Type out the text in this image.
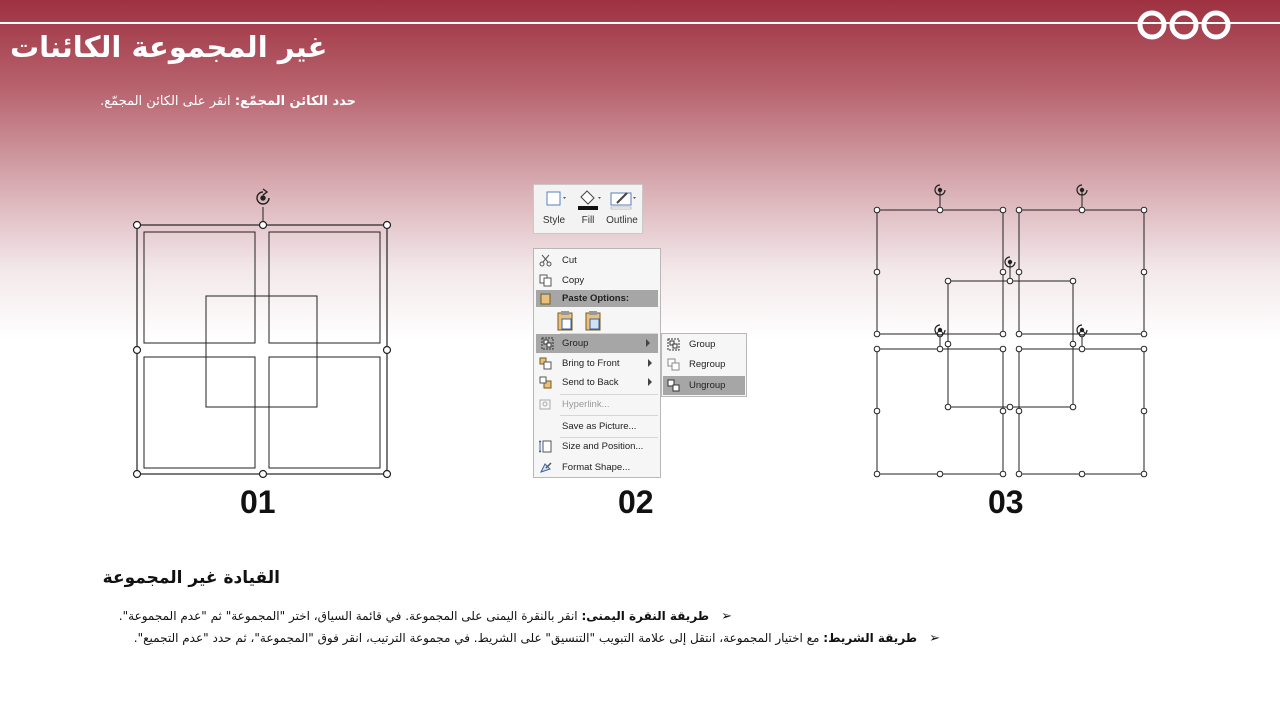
غير المجموعة الكائنات
حدد الكائن المجمّع: انقر على الكائن المجمّع.
01
Style	Fill	Outline
Cut
Copy
Paste Options:
Group
Bring to Front
Send to Back
Hyperlink...
Save as Picture...
Size and Position...
Format Shape...
Group
Regroup
Ungroup
02	03
القيادة غير المجموعة
➢طريقة النقرة اليمنى: انقر بالنقرة اليمنى على المجموعة. في قائمة السياق، اختر "المجموعة" ثم "عدم المجموعة".
➢طريقة الشريط: مع اختيار المجموعة، انتقل إلى علامة التبويب "التنسيق" على الشريط. في مجموعة الترتيب، انقر فوق "المجموعة"، ثم حدد "عدم التجميع".
